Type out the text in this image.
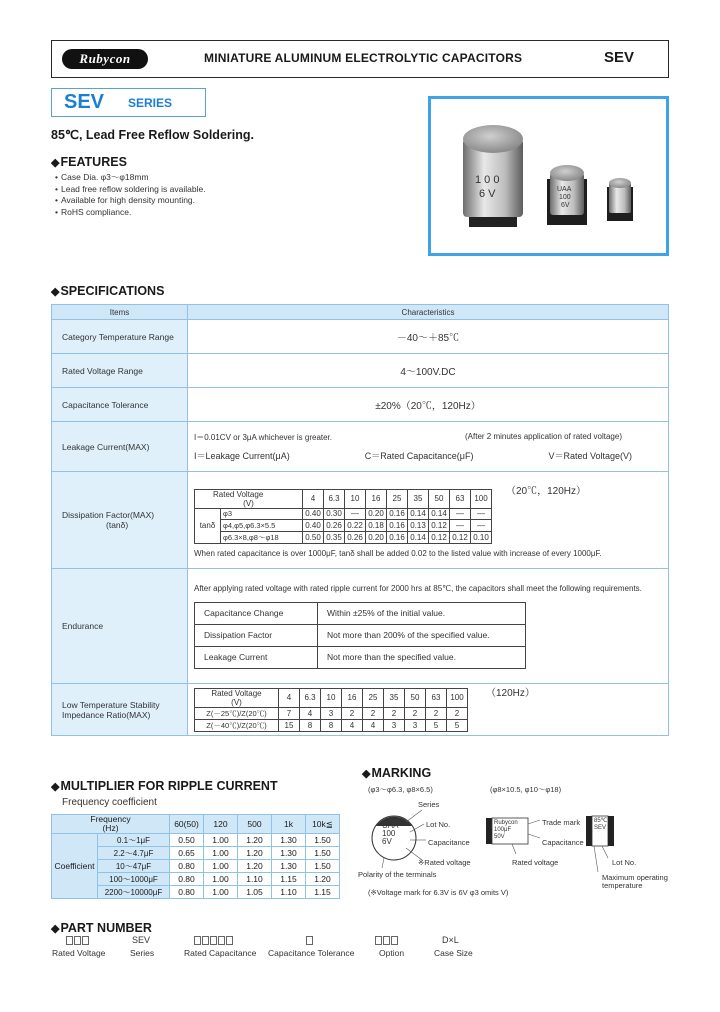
Rubycon	MINIATURE ALUMINUM ELECTROLYTIC CAPACITORS	SEV
SEV SERIES
85℃, Lead Free Reflow Soldering.
◆FEATURES
• Case Dia. φ3～φ18mm
• Lead free reflow soldering is available.
• Available for high density mounting.
• RoHS compliance.
1 0 0
6 V	UAA
100
6V
◆SPECIFICATIONS
Items	Characteristics
Category Temperature Range	－40～＋85℃
Rated Voltage Range	4～100V.DC
Capacitance Tolerance	±20%（20℃，120Hz）
Leakage Current(MAX)	
I＝0.01CV or 3μA whichever is greater.	(After 2 minutes application of rated voltage)
I＝Leakage Current(μA)	C＝Rated Capacitance(μF)	V＝Rated Voltage(V)

Dissipation Factor(MAX)
(tanδ)

（20℃，120Hz）
Rated Voltage
(V)	4	6.3	10	16	25	35	50	63	100
tanδ	φ3	0.40	0.30	—	0.20	0.16	0.14	0.14	—	—
φ4,φ5,φ6.3×5.5	0.40	0.26	0.22	0.18	0.16	0.13	0.12	—	—
φ6.3×8,φ8～φ18	0.50	0.35	0.26	0.20	0.16	0.14	0.12	0.12	0.10
When rated capacitance is over 1000μF, tanδ shall be added 0.02 to the listed value with increase of every 1000μF.

Endurance	
After applying rated voltage with rated ripple current for 2000 hrs at 85℃, the capacitors shall meet the following requirements.
Capacitance Change	Within ±25% of the initial value.
Dissipation Factor	Not more than 200% of the specified value.
Leakage Current	Not more than the specified value.

Low Temperature Stability Impedance Ratio(MAX)	
（120Hz）
Rated Voltage
(V)	4	6.3	10	16	25	35	50	63	100
Z(－25℃)/Z(20℃)	7	4	3	2	2	2	2	2	2
Z(－40℃)/Z(20℃)	15	8	8	4	4	3	3	5	5
◆MULTIPLIER FOR RIPPLE CURRENT
Frequency coefficient
Frequency
(Hz)		60(50)	120	500	1k	10k≦
Coefficient	0.1～1μF	0.50	1.00	1.20	1.30	1.50
	2.2～4.7μF	0.65	1.00	1.20	1.30	1.50
	10～47μF	0.80	1.00	1.20	1.30	1.50
	100～1000μF	0.80	1.00	1.10	1.15	1.20
	2200～10000μF	0.80	1.00	1.05	1.10	1.15
◆MARKING
(φ3～φ6.3, φ8×6.5)	(φ8×10.5, φ10～φ18)
Series
Lot No.
Capacitance
※Rated voltage
Polarity of the terminals
UAA
100
6V
Rubycon
100μF
50V
Trade mark
Capacitance
Rated voltage
85℃
SEV
Lot No.
Maximum operating temperature
(※Voltage mark for 6.3V is 6V φ3 omits V)
◆PART NUMBER
SEV	D×L
Rated Voltage	Series	Rated Capacitance Capacitance Tolerance	Option	Case Size
